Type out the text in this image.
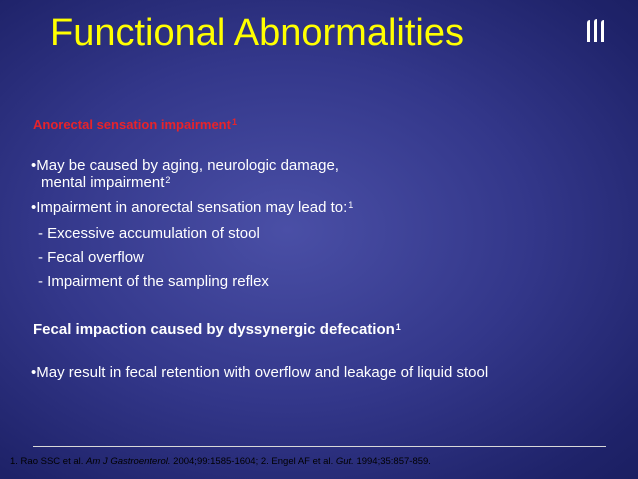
Functional Abnormalities
Anorectal sensation impairment$^1$
•May be caused by aging, neurologic damage,
mental impairment$^2$
•Impairment in anorectal sensation may lead to:$^1$
- Excessive accumulation of stool
- Fecal overflow
- Impairment of the sampling reflex
Fecal impaction caused by dyssynergic defecation$^1$
•May result in fecal retention with overflow and leakage of liquid stool
1. Rao SSC et al. Am J Gastroenterol. 2004;99:1585-1604; 2. Engel AF et al. Gut. 1994;35:857-859.
